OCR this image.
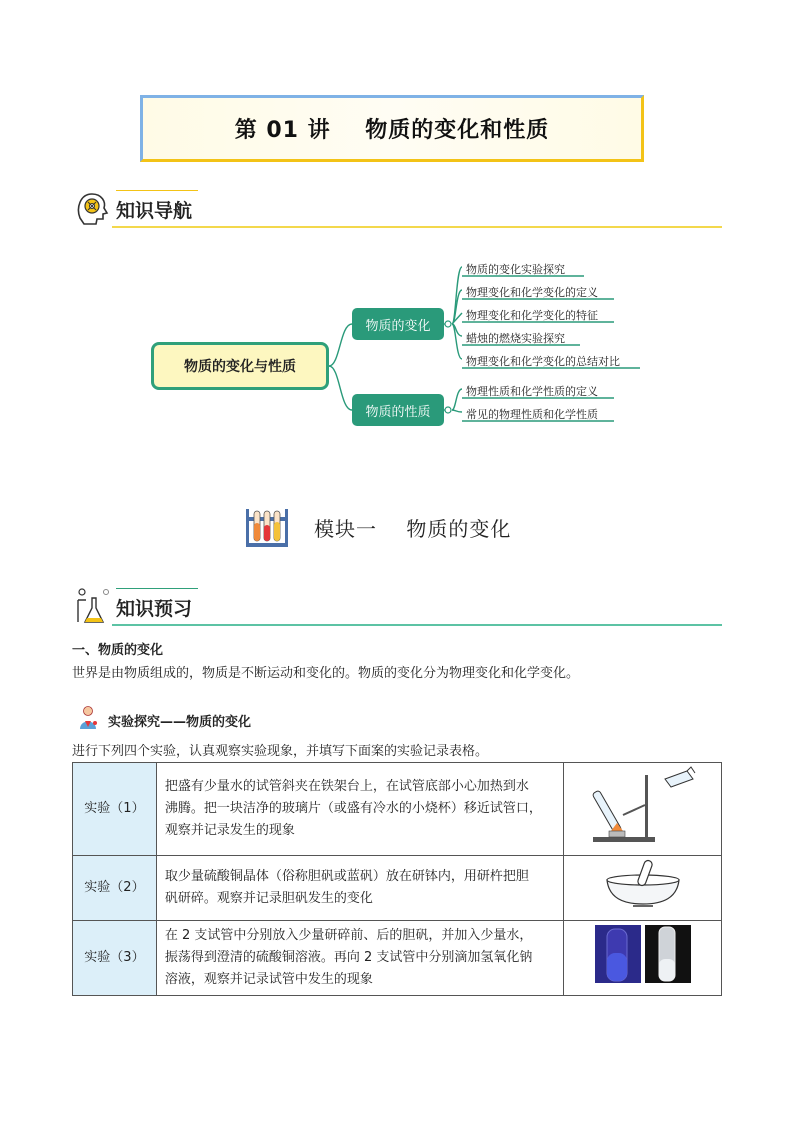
第 01 讲    物质的变化和性质
知识导航
物质的变化与性质
物质的变化
物质的性质
物质的变化实验探究
物理变化和化学变化的定义
物理变化和化学变化的特征
蜡烛的燃烧实验探究
物理变化和化学变化的总结对比
物理性质和化学性质的定义
常见的物理性质和化学性质
模块一    物质的变化
知识预习
一、物质的变化
世界是由物质组成的，物质是不断运动和变化的。物质的变化分为物理变化和化学变化。
实验探究——物质的变化
进行下列四个实验，认真观察实验现象，并填写下面案的实验记录表格。
实验（1）	把盛有少量水的试管斜夹在铁架台上，在试管底部小心加热到水
沸腾。把一块洁净的玻璃片（或盛有冷水的小烧杯）移近试管口，
观察并记录发生的现象

实验（2）	取少量硫酸铜晶体（俗称胆矾或蓝矾）放在研钵内，用研杵把胆
矾研碎。观察并记录胆矾发生的变化

实验（3）	在 2 支试管中分别放入少量研碎前、后的胆矾，并加入少量水，
振荡得到澄清的硫酸铜溶液。再向 2 支试管中分别滴加氢氧化钠
溶液，观察并记录试管中发生的现象
